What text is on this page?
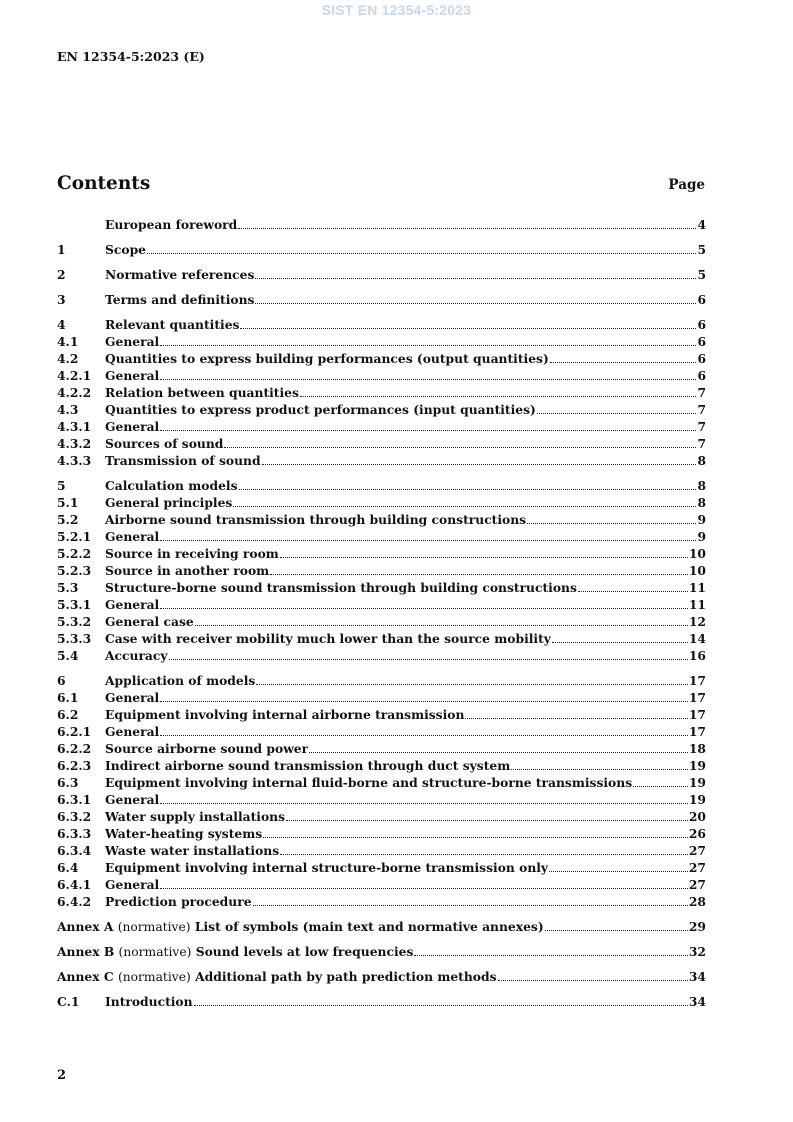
SIST EN 12354-5:2023
EN 12354-5:2023 (E)
Contents	Page
European foreword	4
1	Scope	5
2	Normative references	5
3	Terms and definitions	6
4	Relevant quantities	6
4.1	General	6
4.2	Quantities to express building performances (output quantities)	6
4.2.1	General	6
4.2.2	Relation between quantities	7
4.3	Quantities to express product performances (input quantities)	7
4.3.1	General	7
4.3.2	Sources of sound	7
4.3.3	Transmission of sound	8
5	Calculation models	8
5.1	General principles	8
5.2	Airborne sound transmission through building constructions	9
5.2.1	General	9
5.2.2	Source in receiving room	10
5.2.3	Source in another room	10
5.3	Structure-borne sound transmission through building constructions	11
5.3.1	General	11
5.3.2	General case	12
5.3.3	Case with receiver mobility much lower than the source mobility	14
5.4	Accuracy	16
6	Application of models	17
6.1	General	17
6.2	Equipment involving internal airborne transmission	17
6.2.1	General	17
6.2.2	Source airborne sound power	18
6.2.3	Indirect airborne sound transmission through duct system	19
6.3	Equipment involving internal fluid-borne and structure-borne transmissions	19
6.3.1	General	19
6.3.2	Water supply installations	20
6.3.3	Water-heating systems	26
6.3.4	Waste water installations	27
6.4	Equipment involving internal structure-borne transmission only	27
6.4.1	General	27
6.4.2	Prediction procedure	28
Annex A (normative) List of symbols (main text and normative annexes)	29
Annex B (normative) Sound levels at low frequencies	32
Annex C (normative) Additional path by path prediction methods	34
C.1	Introduction	34
2
